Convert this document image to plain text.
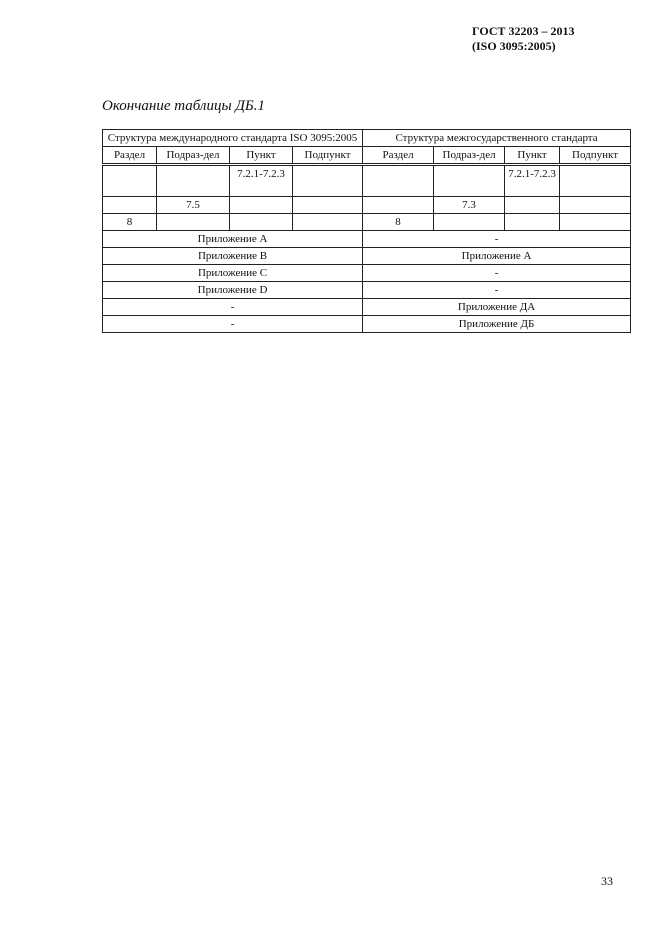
ГОСТ 32203 – 2013
(ISO 3095:2005)
Окончание таблицы ДБ.1
Структура международного стандарта ISO 3095:2005				Структура межгосударственного стандарта			
Раздел	Подраз-дел	Пункт	Подпункт	Раздел	Подраз-дел	Пункт	Подпункт
		7.2.1-7.2.3				7.2.1-7.2.3	
	7.5				7.3		
8				8			
Приложение А				-			
Приложение В				Приложение А			
Приложение С				-			
Приложение D				-			
-				Приложение ДА			
-				Приложение ДБ			
33
